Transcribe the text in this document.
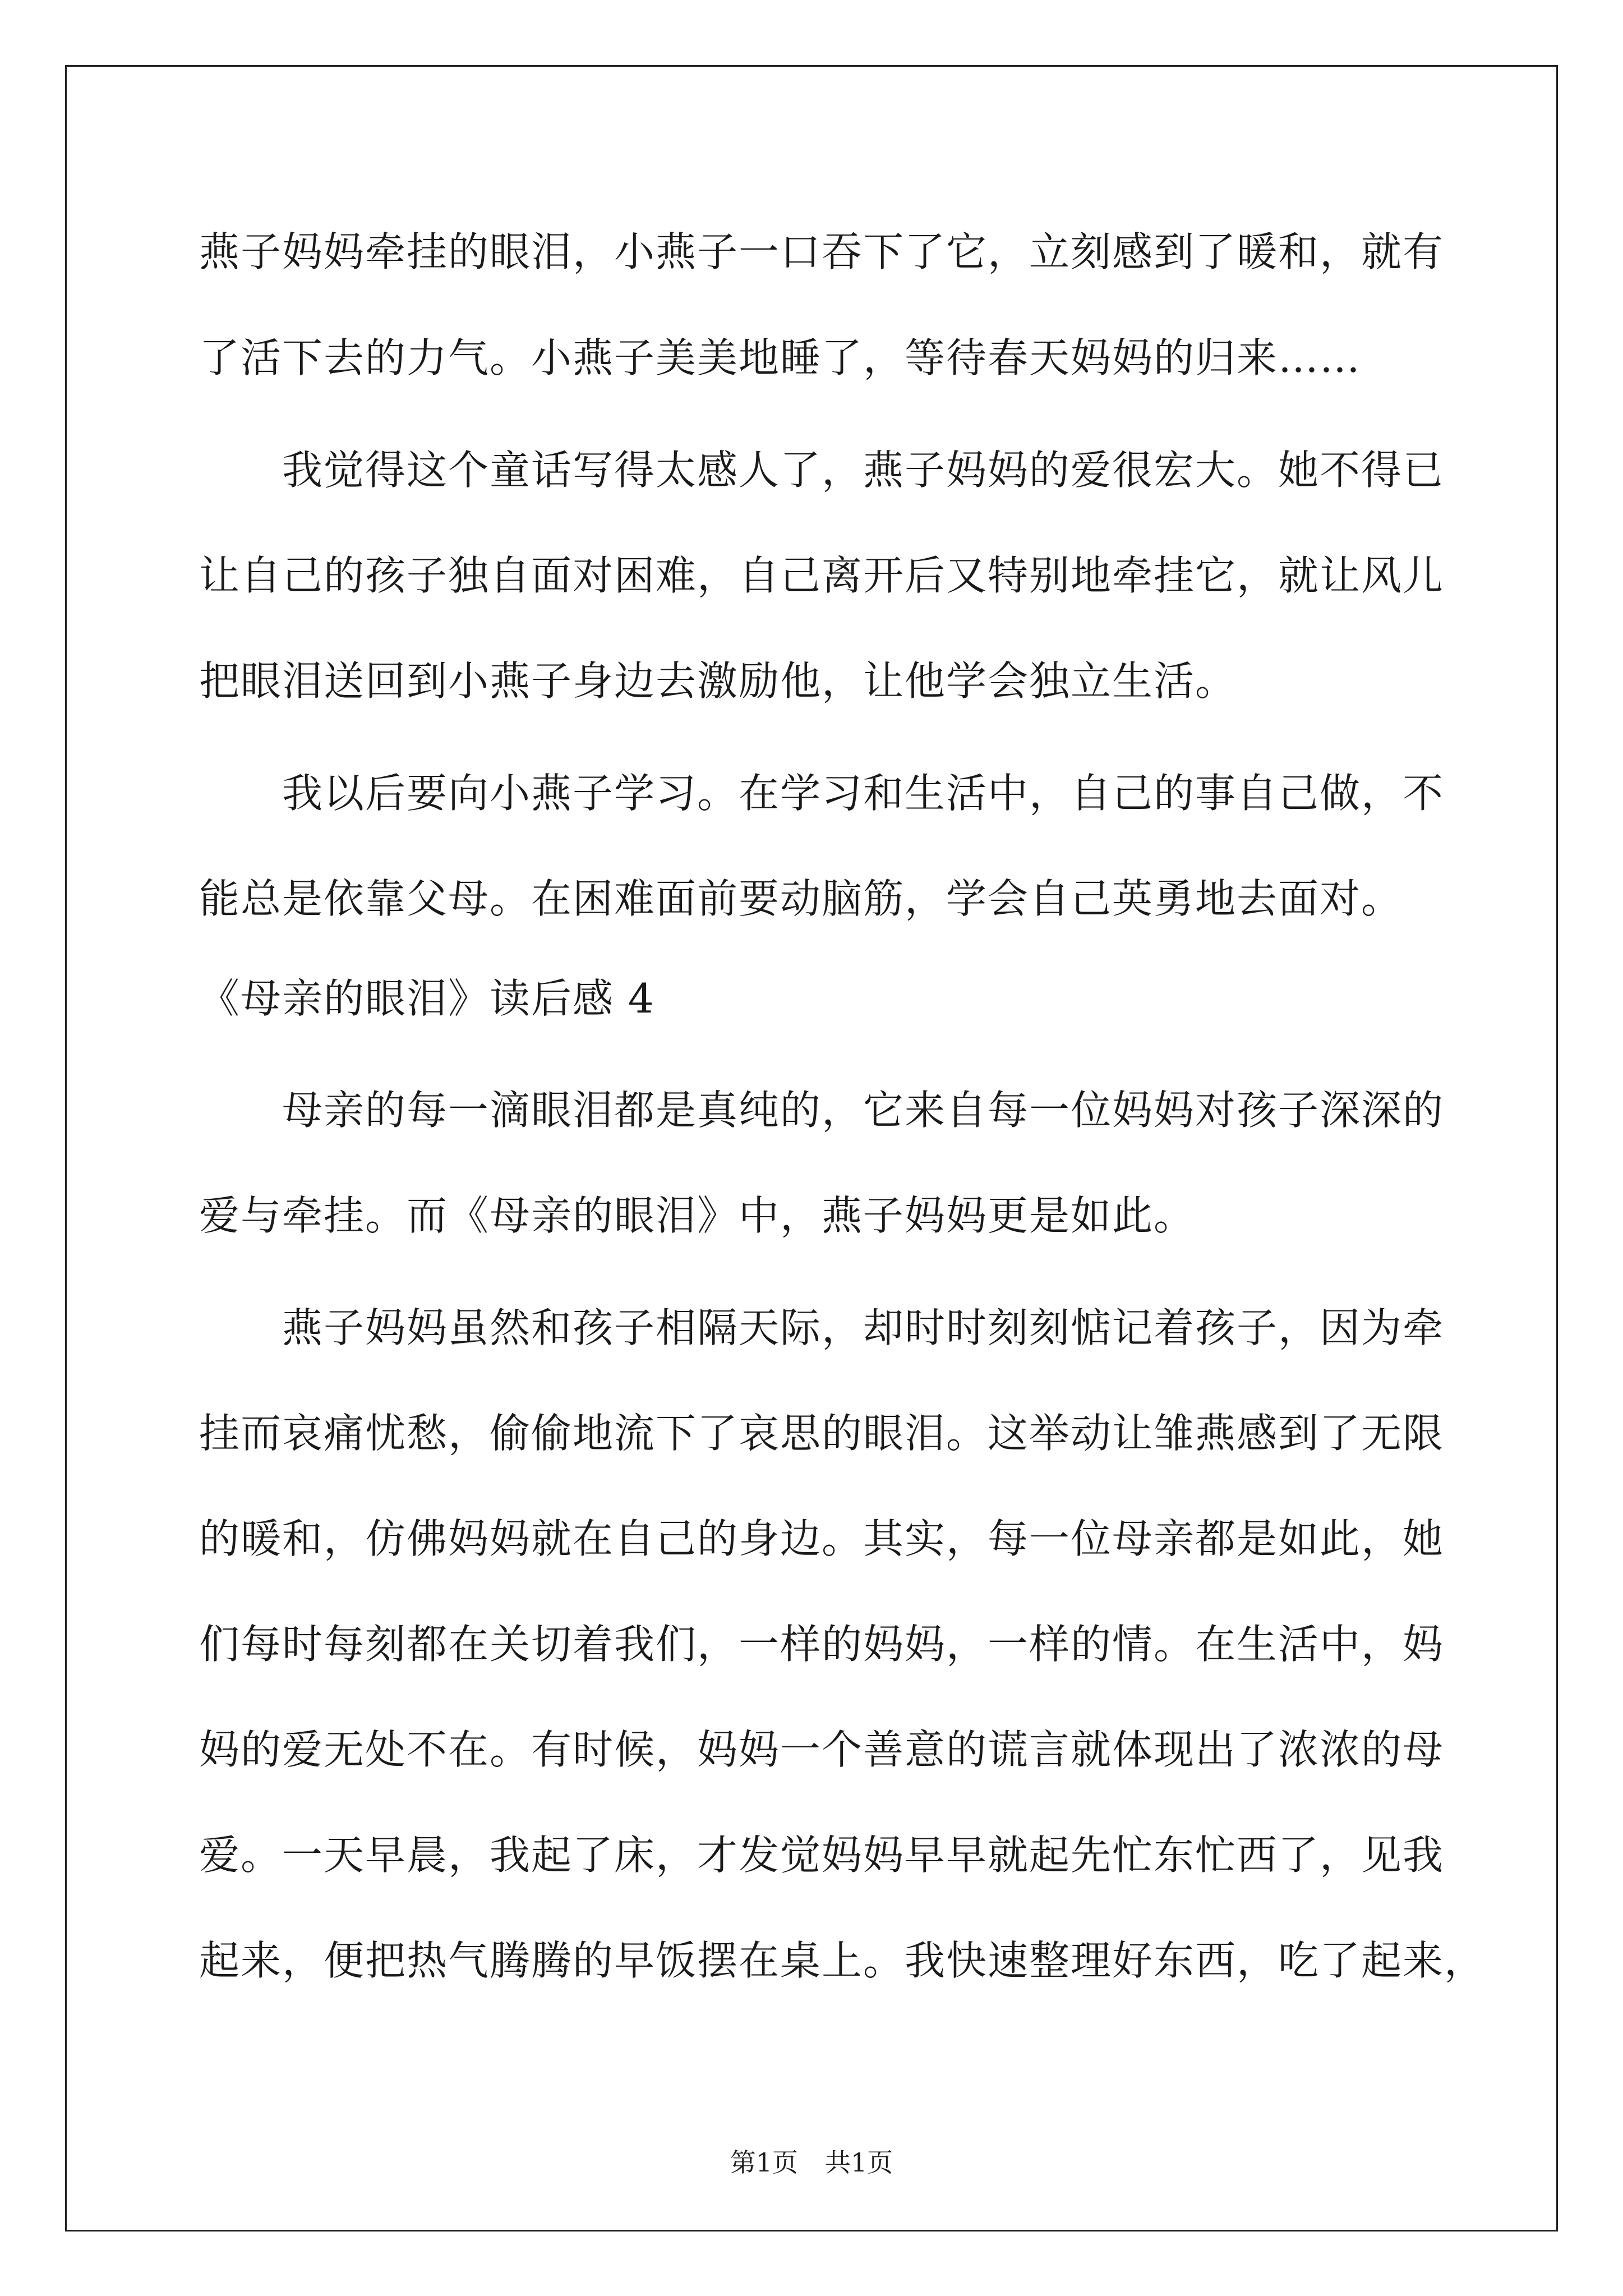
燕子妈妈牵挂的眼泪，小燕子一口吞下了它，立刻感到了暖和，就有
了活下去的力气。小燕子美美地睡了，等待春天妈妈的归来……
我觉得这个童话写得太感人了，燕子妈妈的爱很宏大。她不得已
让自己的孩子独自面对困难，自己离开后又特别地牵挂它，就让风儿
把眼泪送回到小燕子身边去激励他，让他学会独立生活。
我以后要向小燕子学习。在学习和生活中，自己的事自己做，不
能总是依靠父母。在困难面前要动脑筋，学会自己英勇地去面对。
《母亲的眼泪》读后感 4
母亲的每一滴眼泪都是真纯的，它来自每一位妈妈对孩子深深的
爱与牵挂。而《母亲的眼泪》中，燕子妈妈更是如此。
燕子妈妈虽然和孩子相隔天际，却时时刻刻惦记着孩子，因为牵
挂而哀痛忧愁，偷偷地流下了哀思的眼泪。这举动让雏燕感到了无限
的暖和，仿佛妈妈就在自己的身边。其实，每一位母亲都是如此，她
们每时每刻都在关切着我们，一样的妈妈，一样的情。在生活中，妈
妈的爱无处不在。有时候，妈妈一个善意的谎言就体现出了浓浓的母
爱。一天早晨，我起了床，才发觉妈妈早早就起先忙东忙西了，见我
起来，便把热气腾腾的早饭摆在桌上。我快速整理好东西，吃了起来，
第1页 共1页
